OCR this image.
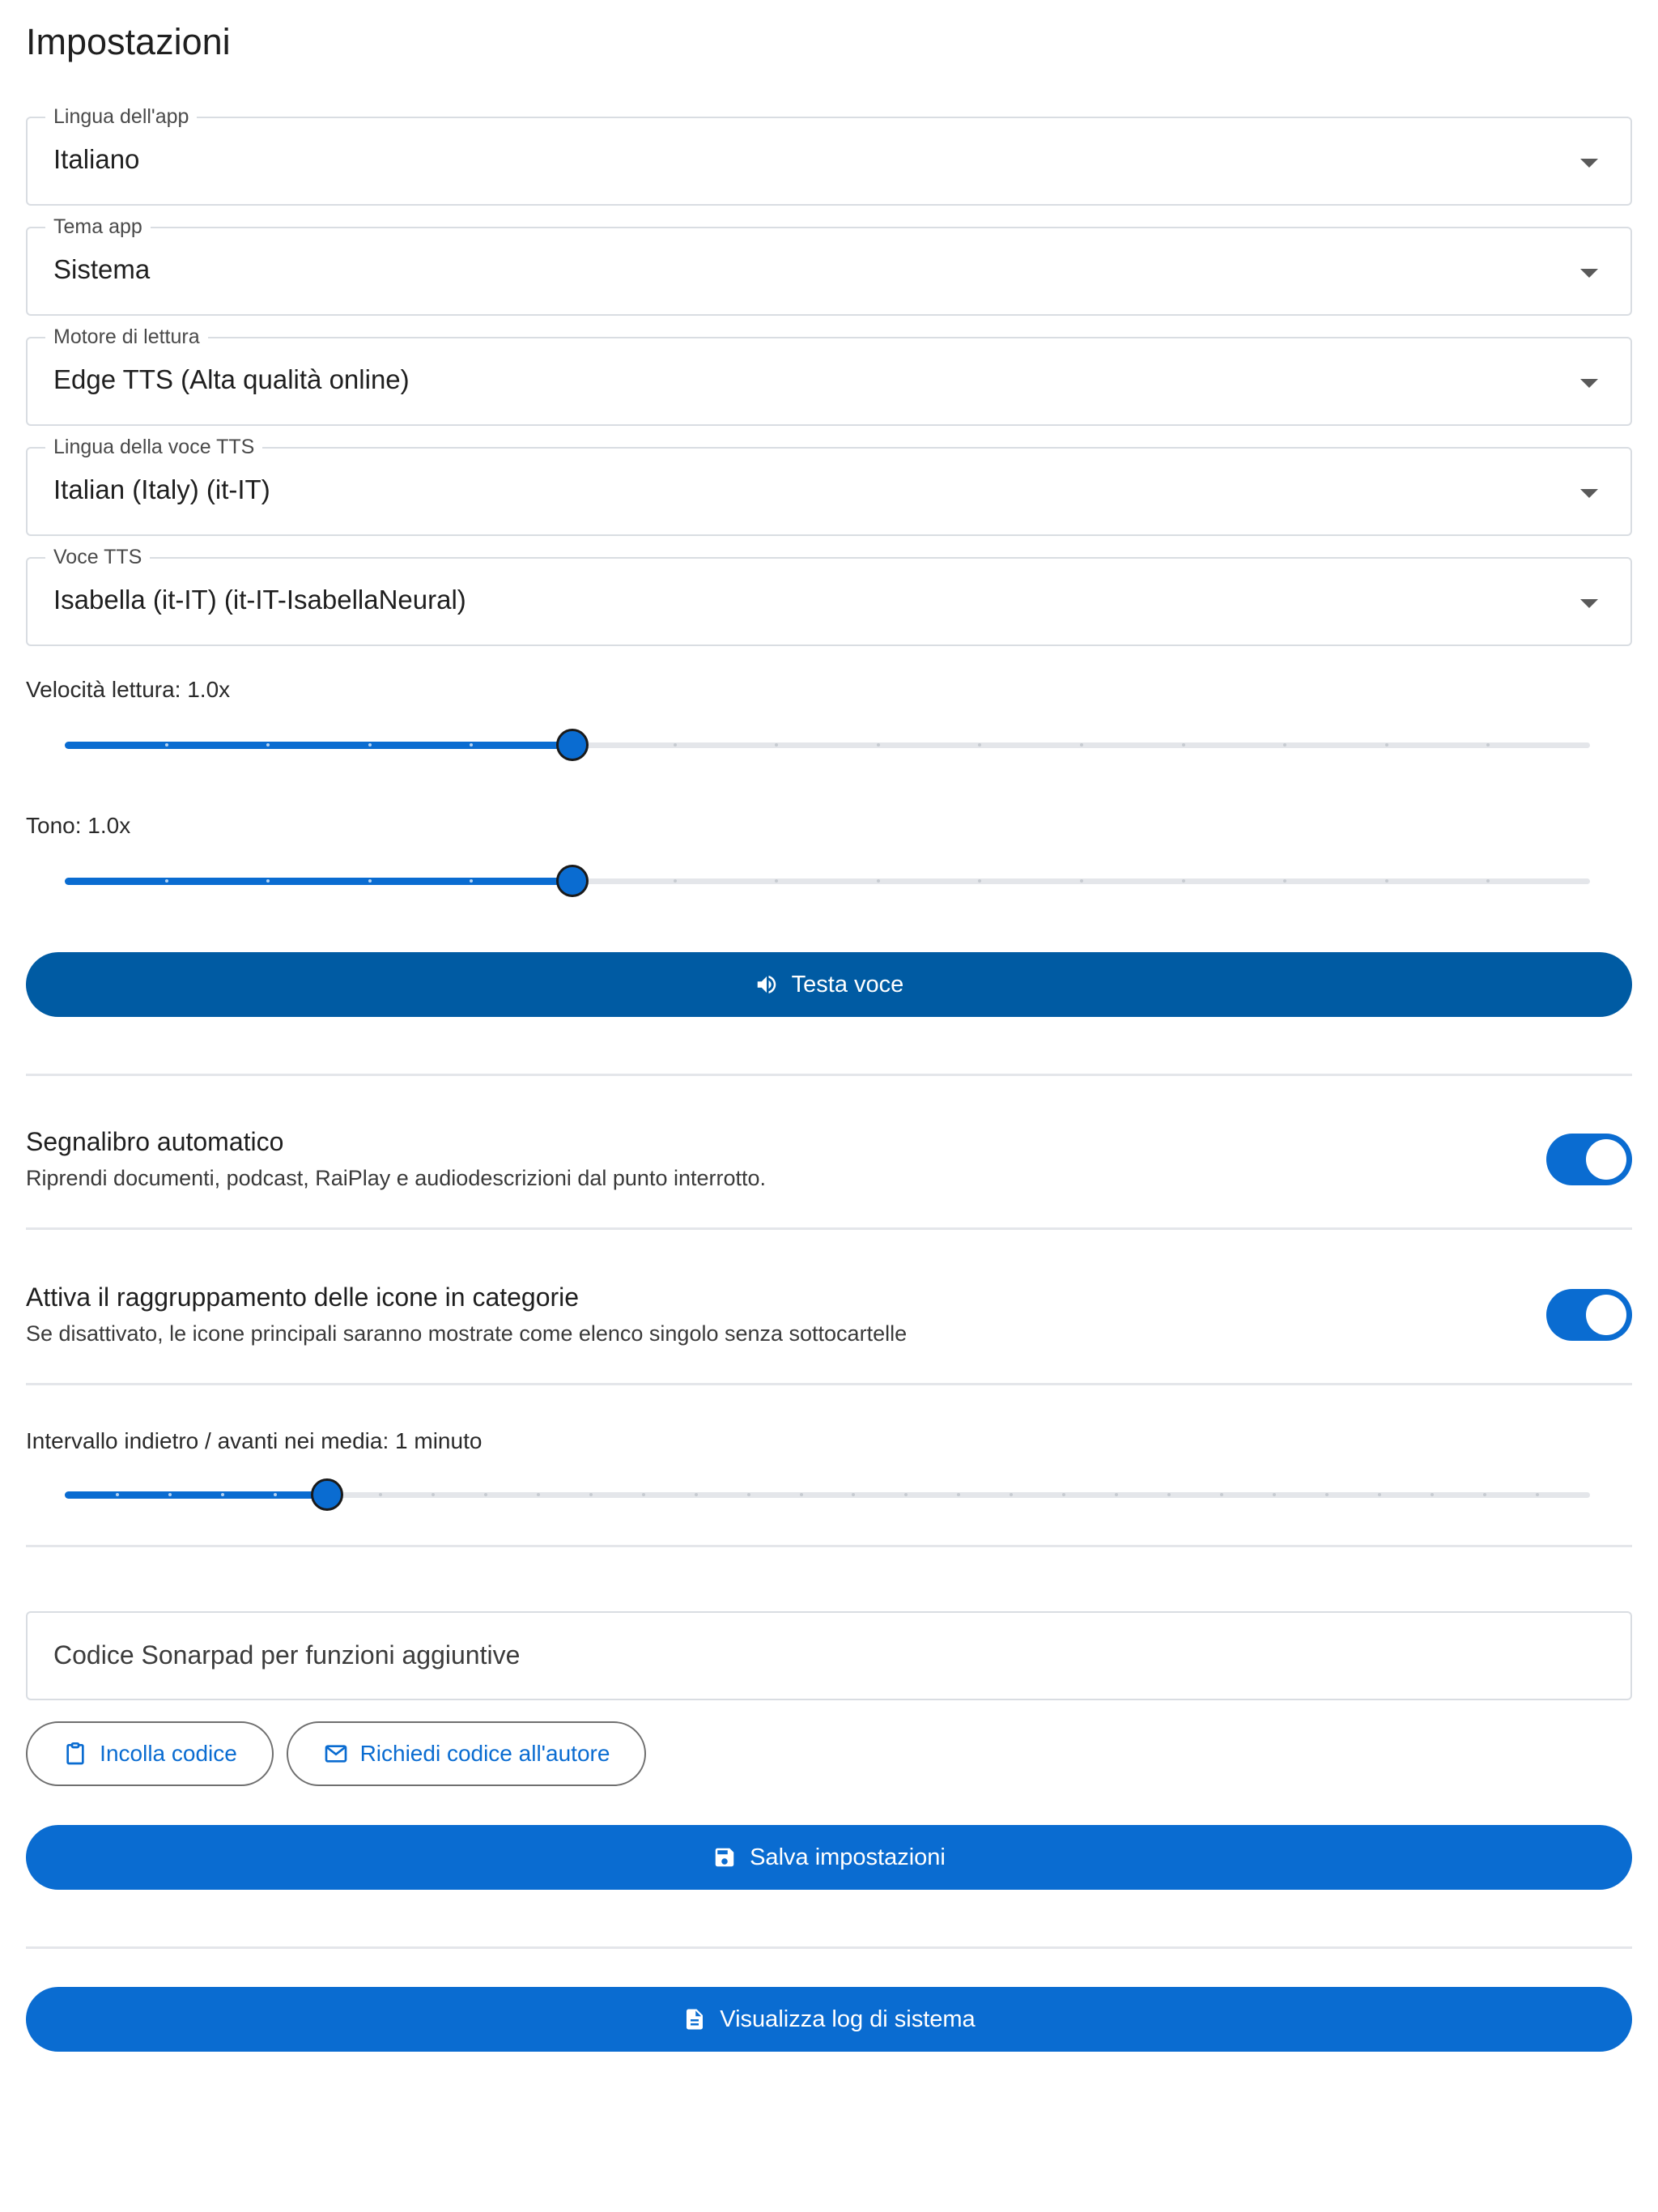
Impostazioni
Lingua dell'app
Italiano
Tema app
Sistema
Motore di lettura
Edge TTS (Alta qualità online)
Lingua della voce TTS
Italian (Italy) (it-IT)
Voce TTS
Isabella (it-IT) (it-IT-IsabellaNeural)
Velocità lettura: 1.0x
Tono: 1.0x
Testa voce
Segnalibro automatico
Riprendi documenti, podcast, RaiPlay e audiodescrizioni dal punto interrotto.
Attiva il raggruppamento delle icone in categorie
Se disattivato, le icone principali saranno mostrate come elenco singolo senza sottocartelle
Intervallo indietro / avanti nei media: 1 minuto
Codice Sonarpad per funzioni aggiuntive
Incolla codice	Richiedi codice all'autore
Salva impostazioni
Visualizza log di sistema
